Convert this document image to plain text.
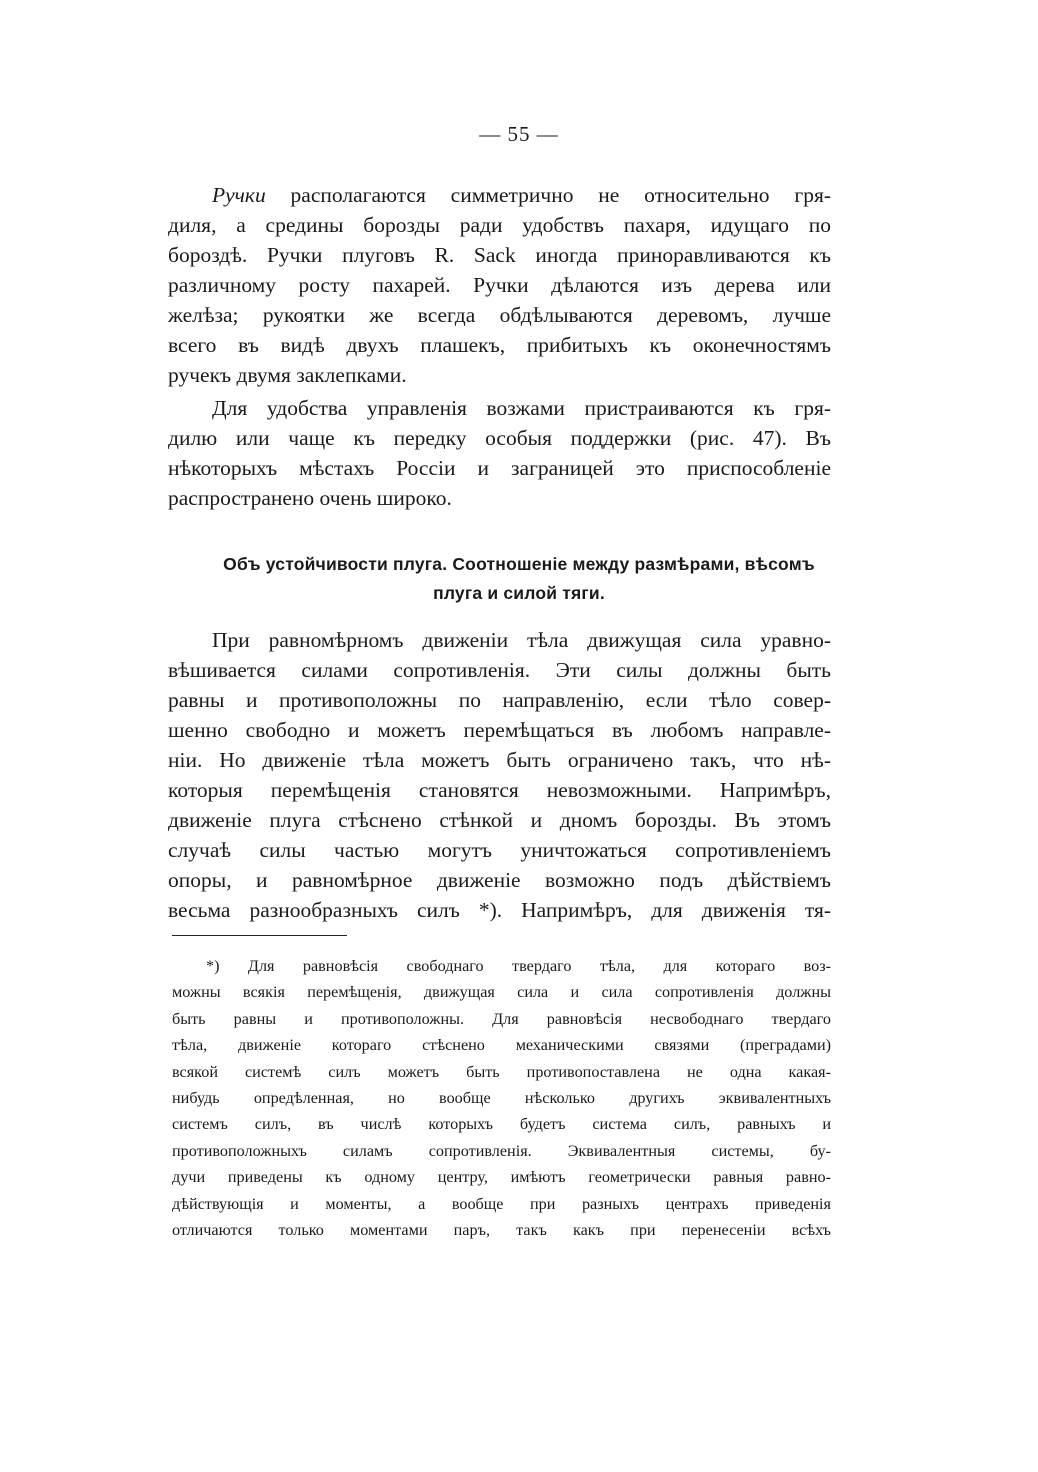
— 55 —
Ручки располагаются симметрично не относительно гря-
диля, а средины борозды ради удобствъ пахаря, идущаго по
бороздѣ. Ручки плуговъ R. Sack иногда приноравливаются къ
различному росту пахарей. Ручки дѣлаются изъ дерева или
желѣза; рукоятки же всегда обдѣлываются деревомъ, лучше
всего въ видѣ двухъ плашекъ, прибитыхъ къ оконечностямъ
ручекъ двумя заклепками.
Для удобства управленія возжами пристраиваются къ гря-
дилю или чаще къ передку особыя поддержки (рис. 47). Въ
нѣкоторыхъ мѣстахъ Россіи и заграницей это приспособленіе
распространено очень широко.
Объ устойчивости плуга. Соотношеніе между размѣрами, вѣсомъ
плуга и силой тяги.
При равномѣрномъ движеніи тѣла движущая сила уравно-
вѣшивается силами сопротивленія. Эти силы должны быть
равны и противоположны по направленію, если тѣло совер-
шенно свободно и можетъ перемѣщаться въ любомъ направле-
ніи. Но движеніе тѣла можетъ быть ограничено такъ, что нѣ-
которыя перемѣщенія становятся невозможными. Напримѣръ,
движеніе плуга стѣснено стѣнкой и дномъ борозды. Въ этомъ
случаѣ силы частью могутъ уничтожаться сопротивленіемъ
опоры, и равномѣрное движеніе возможно подъ дѣйствіемъ
весьма разнообразныхъ силъ *). Напримѣръ, для движенія тя-
*) Для равновѣсія свободнаго твердаго тѣла, для котораго воз-
можны всякія перемѣщенія, движущая сила и сила сопротивленія должны
быть равны и противоположны. Для равновѣсія несвободнаго твердаго
тѣла, движеніе котораго стѣснено механическими связями (преградами)
всякой системѣ силъ можетъ быть противопоставлена не одна какая-
нибудь опредѣленная, но вообще нѣсколько другихъ эквивалентныхъ
системъ силъ, въ числѣ которыхъ будетъ система силъ, равныхъ и
противоположныхъ силамъ сопротивленія. Эквивалентныя системы, бу-
дучи приведены къ одному центру, имѣютъ геометрически равныя равно-
дѣйствующія и моменты, а вообще при разныхъ центрахъ приведенія
отличаются только моментами паръ, такъ какъ при перенесеніи всѣхъ
